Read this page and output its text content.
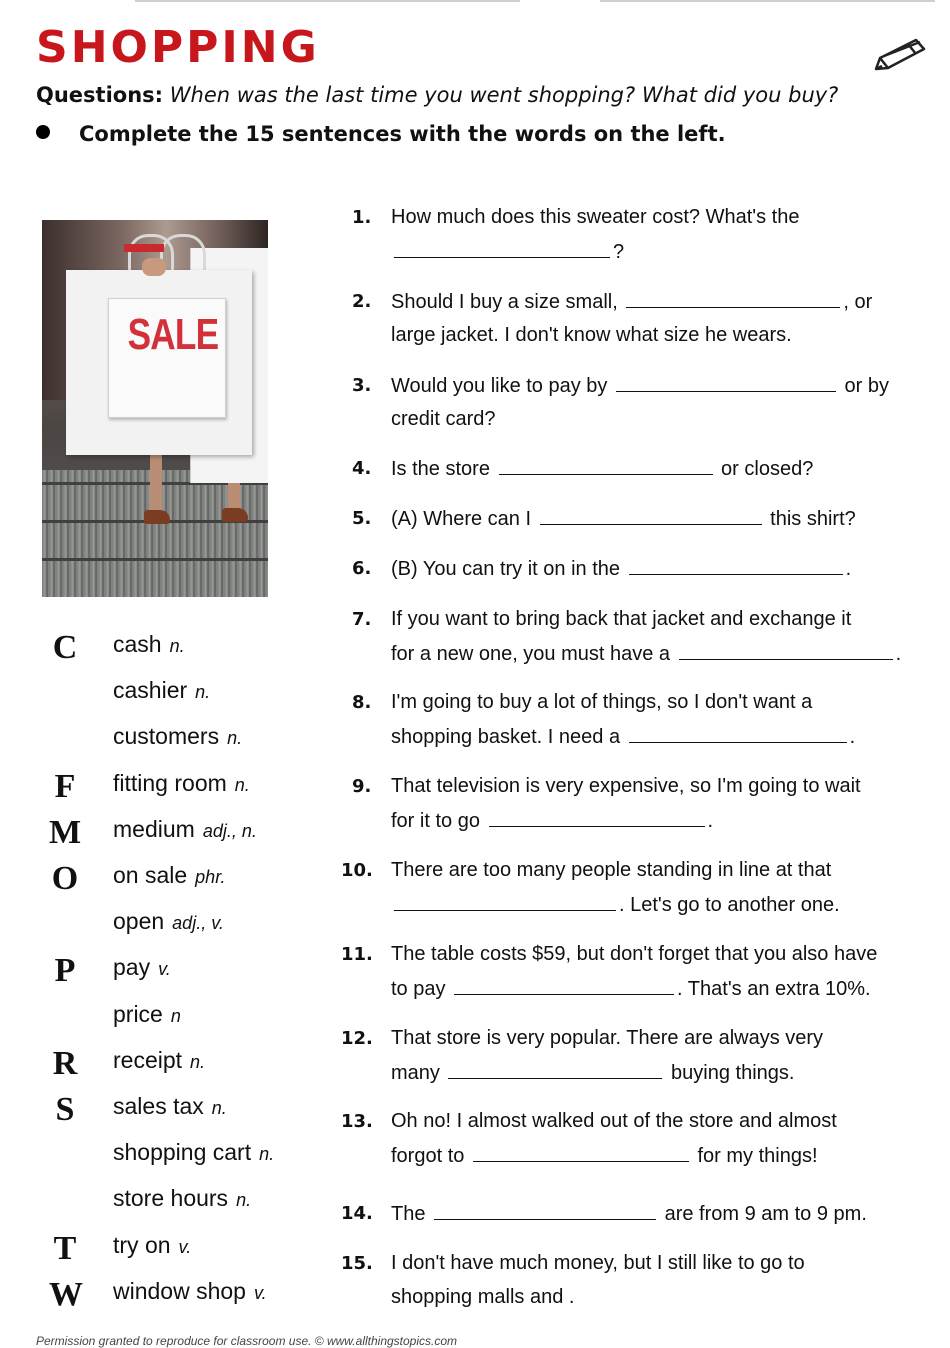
SHOPPING
Questions: When was the last time you went shopping? What did you buy?
Complete the 15 sentences with the words on the left.
SALE
C cash n.
cashier n.
customers n.
F fitting room n.
M medium adj., n.
O on sale phr.
open adj., v.
P pay v.
price n
R receipt n.
S sales tax n.
shopping cart n.
store hours n.
T try on v.
W window shop v.
1. How much does this sweater cost? What's the
?
2. Should I buy a size small,	, or
large jacket. I don't know what size he wears.
3. Would you like to pay by	or by
credit card?
4. Is the store	or closed?
5. (A) Where can I	this shirt?
6. (B) You can try it on in the	.
7. If you want to bring back that jacket and exchange it
for a new one, you must have a	.
8. I'm going to buy a lot of things, so I don't want a
shopping basket. I need a	.
9. That television is very expensive, so I'm going to wait
for it to go	.
10. There are too many people standing in line at that
. Let's go to another one.
11. The table costs $59, but don't forget that you also have
to pay	. That's an extra 10%.
12. That store is very popular. There are always very
many	buying things.
13. Oh no! I almost walked out of the store and almost
forgot to	for my things!
14. The	are from 9 am to 9 pm.
15. I don't have much money, but I still like to go to
shopping malls and .
Permission granted to reproduce for classroom use. © www.allthingstopics.com
